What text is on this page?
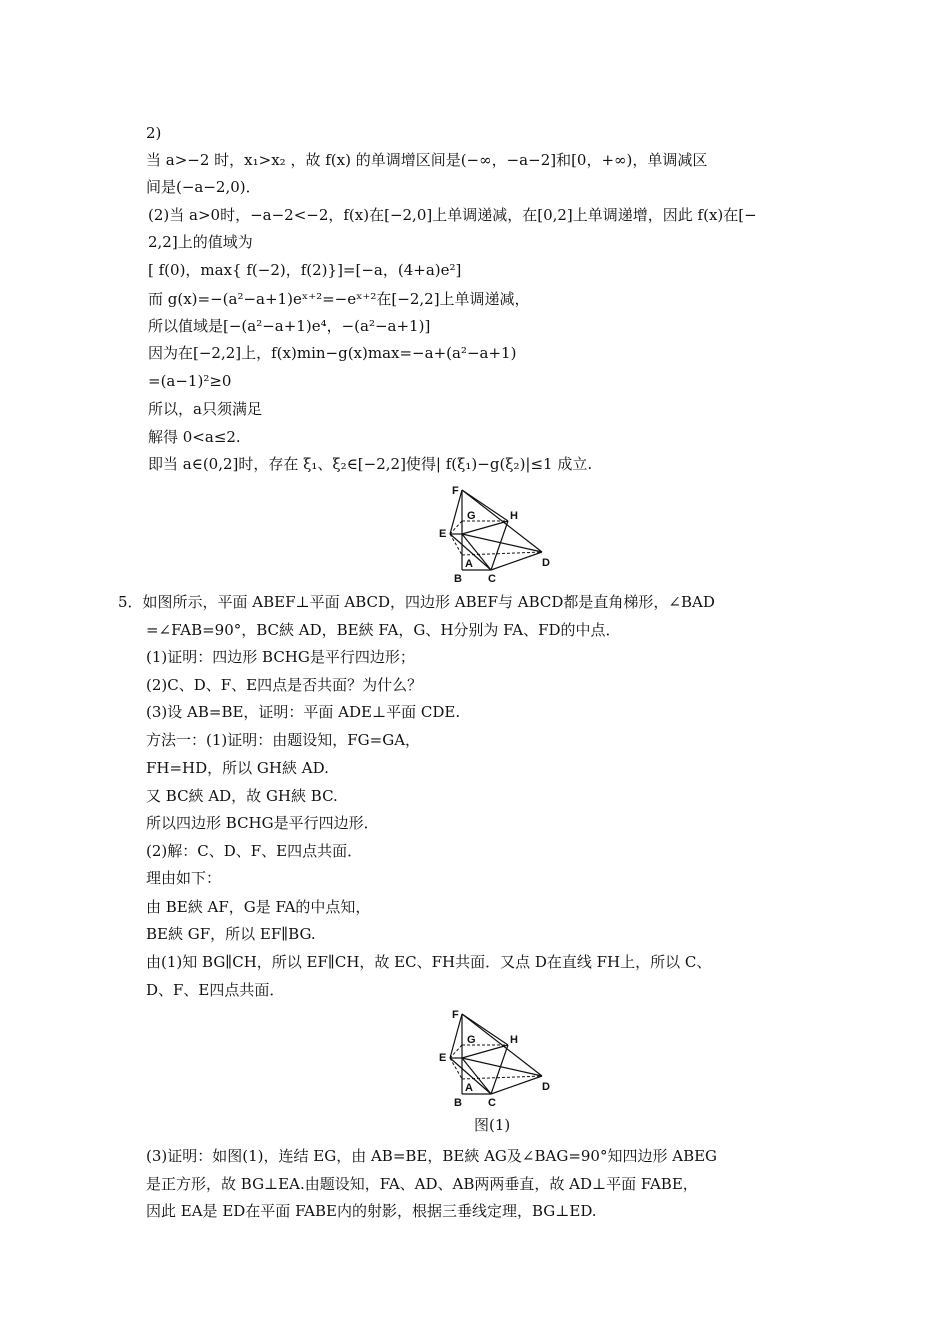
2)
当 a>−2 时，x₁>x₂ ，故 f(x) 的单调增区间是(−∞，−a−2]和[0，+∞)，单调减区
间是(−a−2,0)．
(2)当 a>0时，−a−2<−2，f(x)在[−2,0]上单调递减，在[0,2]上单调递增，因此 f(x)在[−
2,2]上的值域为
[ f(0)，max{ f(−2)，f(2)}]=[−a，(4+a)e²]
而 g(x)=−(a²−a+1)eˣ⁺²=−eˣ⁺²在[−2,2]上单调递减，
所以值域是[−(a²−a+1)e⁴，−(a²−a+1)]
因为在[−2,2]上，f(x)min−g(x)max=−a+(a²−a+1)
=(a−1)²≥0
所以，a只须满足
解得 0<a≤2.
即当 a∈(0,2]时，存在 ξ₁、ξ₂∈[−2,2]使得| f(ξ₁)−g(ξ₂)|≤1 成立.
F
G	H
E
A
B C
D
5．如图所示，平面 ABEF⊥平面 ABCD，四边形 ABEF与 ABCD都是直角梯形，∠BAD
=∠FAB=90°，BC綊 AD，BE綊 FA，G、H分别为 FA、FD的中点．
(1)证明：四边形 BCHG是平行四边形；
(2)C、D、F、E四点是否共面？为什么？
(3)设 AB=BE，证明：平面 ADE⊥平面 CDE.
方法一：(1)证明：由题设知，FG=GA，
FH=HD，所以 GH綊 AD.
又 BC綊 AD，故 GH綊 BC.
所以四边形 BCHG是平行四边形．
(2)解：C、D、F、E四点共面．
理由如下：
由 BE綊 AF，G是 FA的中点知，
BE綊 GF，所以 EF∥BG.
由(1)知 BG∥CH，所以 EF∥CH，故 EC、FH共面．又点 D在直线 FH上，所以 C、
D、F、E四点共面．
F
G	H
E
A
B C
D
图(1)
(3)证明：如图(1)，连结 EG，由 AB=BE，BE綊 AG及∠BAG=90°知四边形 ABEG
是正方形，故 BG⊥EA.由题设知，FA、AD、AB两两垂直，故 AD⊥平面 FABE，
因此 EA是 ED在平面 FABE内的射影，根据三垂线定理，BG⊥ED.
